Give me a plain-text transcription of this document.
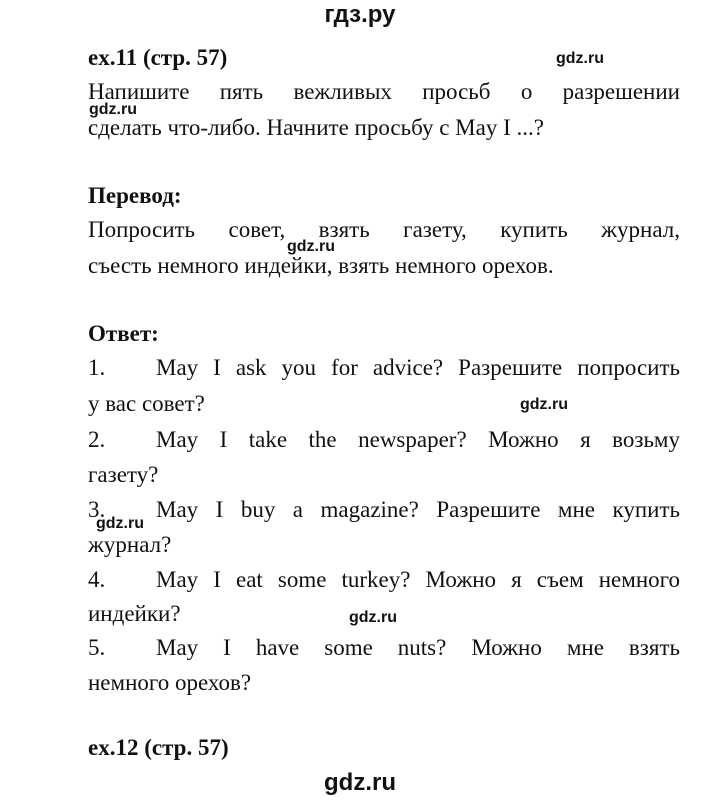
гдз.ру
ex.11 (стр. 57)	gdz.ru
Напишите пять вежливых просьб о разрешении
сделать что-либо. Начните просьбу с May I ...?
gdz.ru
Перевод:
Попросить совет, взять газету, купить журнал,
gdz.ru
съесть немного индейки, взять немного орехов.
Ответ:
1. May I ask you for advice? Разрешите попросить
у вас совет?	gdz.ru
2. May I take the newspaper? Можно я возьму
газету?
3. May I buy a magazine? Разрешите мне купить
gdz.ru
журнал?
4. May I eat some turkey? Можно я съем немного
индейки?	gdz.ru
5. May I have some nuts? Можно мне взять
немного орехов?
ex.12 (стр. 57)
gdz.ru
